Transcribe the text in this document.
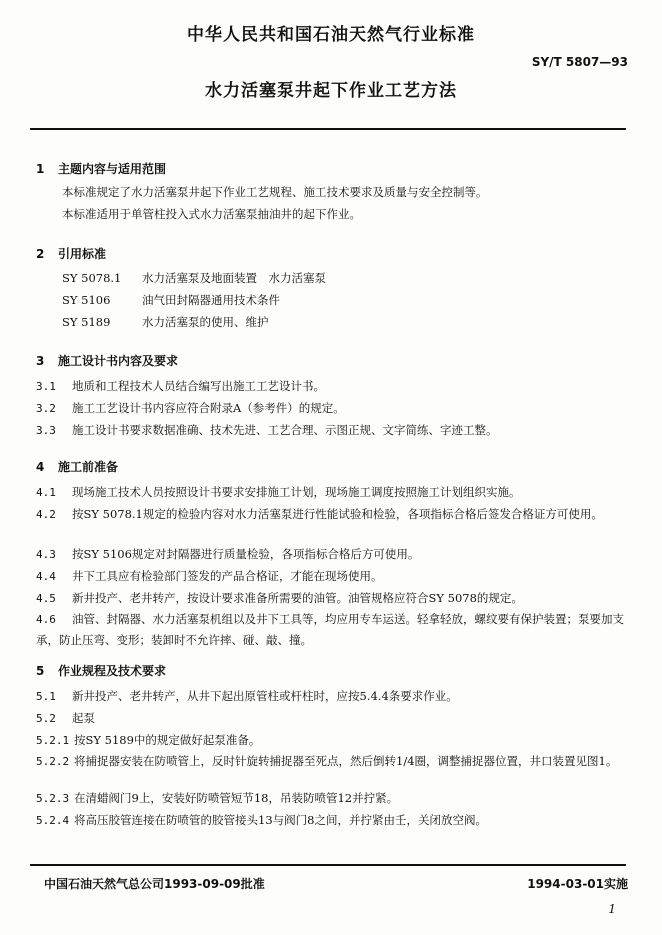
中华人民共和国石油天然气行业标准
SY/T 5807—93
水力活塞泵井起下作业工艺方法
1 主题内容与适用范围
本标准规定了水力活塞泵井起下作业工艺规程、施工技术要求及质量与安全控制等。
本标准适用于单管柱投入式水力活塞泵抽油井的起下作业。
2 引用标准
SY 5078.1 水力活塞泵及地面装置　水力活塞泵
SY 5106	油气田封隔器通用技术条件
SY 5189	水力活塞泵的使用、维护
3 施工设计书内容及要求
3.1 地质和工程技术人员结合编写出施工工艺设计书。
3.2 施工工艺设计书内容应符合附录A（参考件）的规定。
3.3 施工设计书要求数据准确、技术先进、工艺合理、示图正规、文字简练、字迹工整。
4 施工前准备
4.1 现场施工技术人员按照设计书要求安排施工计划，现场施工调度按照施工计划组织实施。
4.2 按SY 5078.1规定的检验内容对水力活塞泵进行性能试验和检验，各项指标合格后签发合格证方可使用。
4.3 按SY 5106规定对封隔器进行质量检验，各项指标合格后方可使用。
4.4 井下工具应有检验部门签发的产品合格证，才能在现场使用。
4.5 新井投产、老井转产，按设计要求准备所需要的油管。油管规格应符合SY 5078的规定。
4.6 油管、封隔器、水力活塞泵机组以及井下工具等，均应用专车运送。轻拿轻放，螺纹要有保护装置；泵要加支承，防止压弯、变形；装卸时不允许摔、碰、敲、撞。
5 作业规程及技术要求
5.1 新井投产、老井转产，从井下起出原管柱或杆柱时，应按5.4.4条要求作业。
5.2 起泵
5.2.1 按SY 5189中的规定做好起泵准备。
5.2.2 将捕捉器安装在防喷管上，反时针旋转捕捉器至死点，然后倒转1/4圈，调整捕捉器位置，井口装置见图1。
5.2.3 在清蜡阀门9上，安装好防喷管短节18，吊装防喷管12并拧紧。
5.2.4 将高压胶管连接在防喷管的胶管接头13与阀门8之间，并拧紧由壬，关闭放空阀。
中国石油天然气总公司1993-09-09批准	1994-03-01实施
1
